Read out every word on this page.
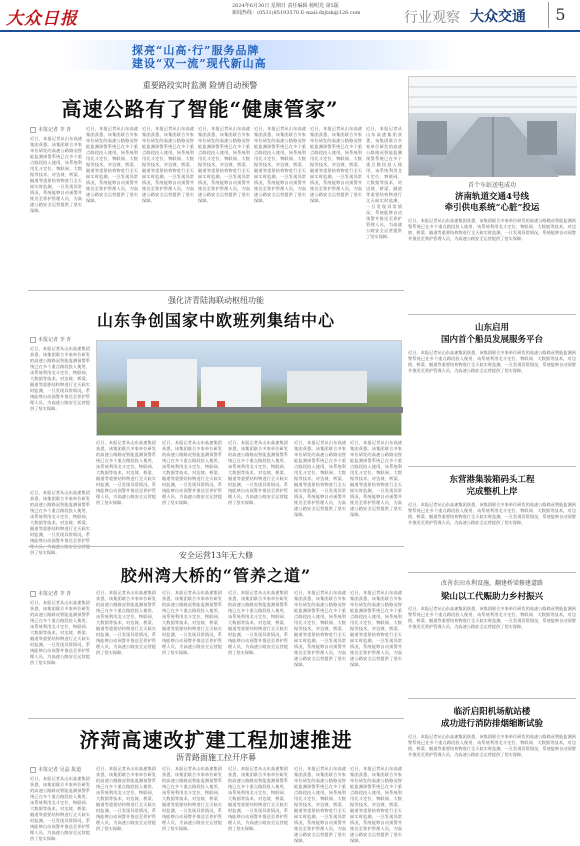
大众日报
2024年6月30日 星期日 责任编辑 杨明光 第5版
新闻热线：(0531)85193570 E-mail:dzjtzk@126.com	行业观察 大众交通	5
探亮“山高·行”服务品牌
建设“双一流”现代新山高
重要路段实时监测 险情自动预警
高速公路有了智能“健康管家”
本报记者 李 青
近日，本报记者从山东高速集团获悉，该集团联合多家单位研发的高速公路路况智能监测预警系统已在多个重点路段投入使用，该系统利用北斗定位、物联网、大数据等技术，对边坡、桥梁、隧道等重要结构物进行全天候实时监测，一旦发现异常情况，系统能够自动预警并推送至养护管理人员，为高速公路安全运营提供了坚实保障。
近日，本报记者从山东高速集团获悉，该集团联合多家单位研发的高速公路路况智能监测预警系统已在多个重点路段投入使用，该系统利用北斗定位、物联网、大数据等技术，对边坡、桥梁、隧道等重要结构物进行全天候实时监测，一旦发现异常情况，系统能够自动预警并推送至养护管理人员，为高速公路安全运营提供了坚实保障。
近日，本报记者从山东高速集团获悉，该集团联合多家单位研发的高速公路路况智能监测预警系统已在多个重点路段投入使用，该系统利用北斗定位、物联网、大数据等技术，对边坡、桥梁、隧道等重要结构物进行全天候实时监测，一旦发现异常情况，系统能够自动预警并推送至养护管理人员，为高速公路安全运营提供了坚实保障。
近日，本报记者从山东高速集团获悉，该集团联合多家单位研发的高速公路路况智能监测预警系统已在多个重点路段投入使用，该系统利用北斗定位、物联网、大数据等技术，对边坡、桥梁、隧道等重要结构物进行全天候实时监测，一旦发现异常情况，系统能够自动预警并推送至养护管理人员，为高速公路安全运营提供了坚实保障。
近日，本报记者从山东高速集团获悉，该集团联合多家单位研发的高速公路路况智能监测预警系统已在多个重点路段投入使用，该系统利用北斗定位、物联网、大数据等技术，对边坡、桥梁、隧道等重要结构物进行全天候实时监测，一旦发现异常情况，系统能够自动预警并推送至养护管理人员，为高速公路安全运营提供了坚实保障。
近日，本报记者从山东高速集团获悉，该集团联合多家单位研发的高速公路路况智能监测预警系统已在多个重点路段投入使用，该系统利用北斗定位、物联网、大数据等技术，对边坡、桥梁、隧道等重要结构物进行全天候实时监测，一旦发现异常情况，系统能够自动预警并推送至养护管理人员，为高速公路安全运营提供了坚实保障。
近日，本报记者从山东高速集团获悉，该集团联合多家单位研发的高速公路路况智能监测预警系统已在多个重点路段投入使用，该系统利用北斗定位、物联网、大数据等技术，对边坡、桥梁、隧道等重要结构物进行全天候实时监测，一旦发现异常情况，系统能够自动预警并推送至养护管理人员，为高速公路安全运营提供了坚实保障。
首个车站送电成功
济南轨道交通4号线
牵引供电系统“心脏”投运
近日，本报记者从山东高速集团获悉，该集团联合多家单位研发的高速公路路况智能监测预警系统已在多个重点路段投入使用，该系统利用北斗定位、物联网、大数据等技术，对边坡、桥梁、隧道等重要结构物进行全天候实时监测，一旦发现异常情况，系统能够自动预警并推送至养护管理人员，为高速公路安全运营提供了坚实保障。
强化济青陆海联动枢纽功能
山东争创国家中欧班列集结中心
本报记者 李 青
近日，本报记者从山东高速集团获悉，该集团联合多家单位研发的高速公路路况智能监测预警系统已在多个重点路段投入使用，该系统利用北斗定位、物联网、大数据等技术，对边坡、桥梁、隧道等重要结构物进行全天候实时监测，一旦发现异常情况，系统能够自动预警并推送至养护管理人员，为高速公路安全运营提供了坚实保障。
近日，本报记者从山东高速集团获悉，该集团联合多家单位研发的高速公路路况智能监测预警系统已在多个重点路段投入使用，该系统利用北斗定位、物联网、大数据等技术，对边坡、桥梁、隧道等重要结构物进行全天候实时监测，一旦发现异常情况，系统能够自动预警并推送至养护管理人员，为高速公路安全运营提供了坚实保障。
近日，本报记者从山东高速集团获悉，该集团联合多家单位研发的高速公路路况智能监测预警系统已在多个重点路段投入使用，该系统利用北斗定位、物联网、大数据等技术，对边坡、桥梁、隧道等重要结构物进行全天候实时监测，一旦发现异常情况，系统能够自动预警并推送至养护管理人员，为高速公路安全运营提供了坚实保障。
近日，本报记者从山东高速集团获悉，该集团联合多家单位研发的高速公路路况智能监测预警系统已在多个重点路段投入使用，该系统利用北斗定位、物联网、大数据等技术，对边坡、桥梁、隧道等重要结构物进行全天候实时监测，一旦发现异常情况，系统能够自动预警并推送至养护管理人员，为高速公路安全运营提供了坚实保障。
近日，本报记者从山东高速集团获悉，该集团联合多家单位研发的高速公路路况智能监测预警系统已在多个重点路段投入使用，该系统利用北斗定位、物联网、大数据等技术，对边坡、桥梁、隧道等重要结构物进行全天候实时监测，一旦发现异常情况，系统能够自动预警并推送至养护管理人员，为高速公路安全运营提供了坚实保障。
近日，本报记者从山东高速集团获悉，该集团联合多家单位研发的高速公路路况智能监测预警系统已在多个重点路段投入使用，该系统利用北斗定位、物联网、大数据等技术，对边坡、桥梁、隧道等重要结构物进行全天候实时监测，一旦发现异常情况，系统能够自动预警并推送至养护管理人员，为高速公路安全运营提供了坚实保障。
近日，本报记者从山东高速集团获悉，该集团联合多家单位研发的高速公路路况智能监测预警系统已在多个重点路段投入使用，该系统利用北斗定位、物联网、大数据等技术，对边坡、桥梁、隧道等重要结构物进行全天候实时监测，一旦发现异常情况，系统能够自动预警并推送至养护管 供了坚实保障。
山东启用
国内首个船员发展服务平台
近日，本报记者从山东高速集团获悉，该集团联合多家单位研发的高速公路路况智能监测预警系统已在多个重点路段投入使用，该系统利用北斗定位、物联网、大数据等技术，对边坡、桥梁、隧道等重要结构物进行全天候实时监测，一旦发现异常情况，系统能够自动预警并推送至养护管理人员，为高速公路安全运营提供了坚实保障。
东营港集装箱码头工程
完成整机上岸
近日，本报记者从山东高速集团获悉，该集团联合多家单位研发的高速公路路况智能监测预警系统已在多个重点路段投入使用，该系统利用北斗定位、物联网、大数据等技术，对边坡、桥梁、隧道等重要结构物进行全天候实时监测，一旦发现异常情况，系统能够自动预警并推送至养护管理人员，为高速公路安全运营提供了坚实保障。
安全运营13年无大修
胶州湾大桥的“管养之道”
本报记者 李 青
近日，本报记者从山东高速集团获悉，该集团联合多家单位研发的高速公路路况智能监测预警系统已在多个重点路段投入使用，该系统利用北斗定位、物联网、大数据等技术，对边坡、桥梁、隧道等重要结构物进行全天候实时监测，一旦发现异常情况，系统能够自动预警并推送至养护管理人员，为高速公路安全运营提供了坚实保障。
近日，本报记者从山东高速集团获悉，该集团联合多家单位研发的高速公路路况智能监测预警系统已在多个重点路段投入使用，该系统利用北斗定位、物联网、大数据等技术，对边坡、桥梁、隧道等重要结构物进行全天候实时监测，一旦发现异常情况，系统能够自动预警并推送至养护管理人员，为高速公路安全运营提供了坚实保障。
近日，本报记者从山东高速集团获悉，该集团联合多家单位研发的高速公路路况智能监测预警系统已在多个重点路段投入使用，该系统利用北斗定位、物联网、大数据等技术，对边坡、桥梁、隧道等重要结构物进行全天候实时监测，一旦发现异常情况，系统能够自动预警并推送至养护管理人员，为高速公路安全运营提供了坚实保障。
近日，本报记者从山东高速集团获悉，该集团联合多家单位研发的高速公路路况智能监测预警系统已在多个重点路段投入使用，该系统利用北斗定位、物联网、大数据等技术，对边坡、桥梁、隧道等重要结构物进行全天候实时监测，一旦发现异常情况，系统能够自动预警并推送至养护管理人员，为高速公路安全运营提供了坚实保障。
近日，本报记者从山东高速集团获悉，该集团联合多家单位研发的高速公路路况智能监测预警系统已在多个重点路段投入使用，该系统利用北斗定位、物联网、大数据等技术，对边坡、桥梁、隧道等重要结构物进行全天候实时监测，一旦发现异常情况，系统能够自动预警并推送至养护管理人员，为高速公路安全运营提供了坚实保障。
近日，本报记者从山东高速集团获悉，该集团联合多家单位研发的高速公路路况智能监测预警系统已在多个重点路段投入使用，该系统利用北斗定位、物联网、大数据等技术，对边坡、桥梁、隧道等重要结构物进行全天候实时监测，一旦发现异常情况，系统能够自动预警并推送至养护管理人员，为高速公路安全运营提供了坚实保障。
改善农田水利设施，翻建桥梁修建道路
梁山以工代赈助力乡村振兴
近日，本报记者从山东高速集团获悉，该集团联合多家单位研发的高速公路路况智能监测预警系统已在多个重点路段投入使用，该系统利用北斗定位、物联网、大数据等技术，对边坡、桥梁、隧道等重要结构物进行全天候实时监测，一旦发现异常情况，系统能够自动预警并推送至养护管理人员，为高速公路安全运营提供了坚实保障。
济菏高速改扩建工程加速推进
沥青路面施工拉开序幕
本报记者 吴晶 报道
近日，本报记者从山东高速集团获悉，该集团联合多家单位研发的高速公路路况智能监测预警系统已在多个重点路段投入使用，该系统利用北斗定位、物联网、大数据等技术，对边坡、桥梁、隧道等重要结构物进行全天候实时监测，一旦发现异常情况，系统能够自动预警并推送至养护管理人员，为高速公路安全运营提供了坚实保障。
近日，本报记者从山东高速集团获悉，该集团联合多家单位研发的高速公路路况智能监测预警系统已在多个重点路段投入使用，该系统利用北斗定位、物联网、大数据等技术，对边坡、桥梁、隧道等重要结构物进行全天候实时监测，一旦发现异常情况，系统能够自动预警并推送至养护管理人员，为高速公路安全运营提供了坚实保障。
近日，本报记者从山东高速集团获悉，该集团联合多家单位研发的高速公路路况智能监测预警系统已在多个重点路段投入使用，该系统利用北斗定位、物联网、大数据等技术，对边坡、桥梁、隧道等重要结构物进行全天候实时监测，一旦发现异常情况，系统能够自动预警并推送至养护管理人员，为高速公路安全运营提供了坚实保障。
近日，本报记者从山东高速集团获悉，该集团联合多家单位研发的高速公路路况智能监测预警系统已在多个重点路段投入使用，该系统利用北斗定位、物联网、大数据等技术，对边坡、桥梁、隧道等重要结构物进行全天候实时监测，一旦发现异常情况，系统能够自动预警并推送至养护管理人员，为高速公路安全运营提供了坚实保障。
近日，本报记者从山东高速集团获悉，该集团联合多家单位研发的高速公路路况智能监测预警系统已在多个重点路段投入使用，该系统利用北斗定位、物联网、大数据等技术，对边坡、桥梁、隧道等重要结构物进行全天候实时监测，一旦发现异常情况，系统能够自动预警并推送至养护管理人员，为高速公路安全运营提供了坚实保障。
近日，本报记者从山东高速集团获悉，该集团联合多家单位研发的高速公路路况智能监测预警系统已在多个重点路段投入使用，该系统利用北斗定位、物联网、大数据等技术，对边坡、桥梁、隧道等重要结构物进行全天候实时监测，一旦发现异常情况，系统能够自动预警并推送至养护管理人员，为高速公路安全运营提供了坚实保障。
临沂启阳机场航站楼
成功进行消防排烟缩断试验
近日，本报记者从山东高速集团获悉，该集团联合多家单位研发的高速公路路况智能监测预警系统已在多个重点路段投入使用，该系统利用北斗定位、物联网、大数据等技术，对边坡、桥梁、隧道等重要结构物进行全天候实时监测，一旦发现异常情况，系统能够自动预警并推送至养护管理人员，为高速公路安全运营提供了坚实保障。
